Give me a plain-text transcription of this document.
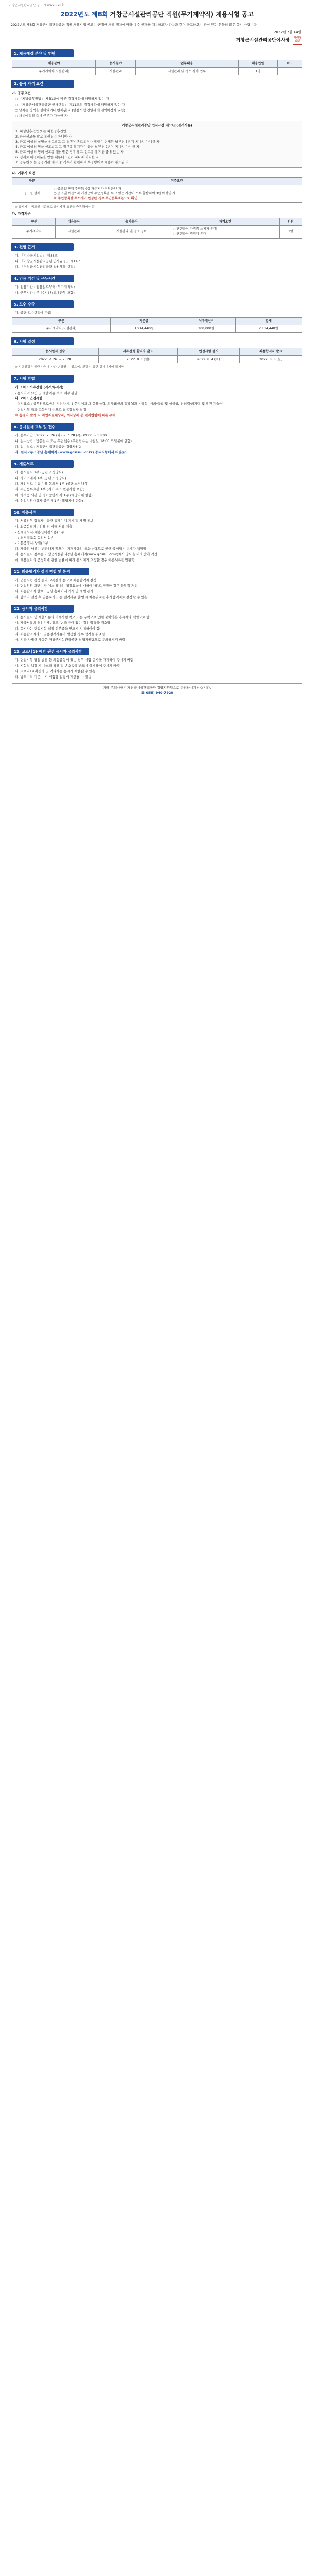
거창군시설관리공단 공고 제2022 - 28호
2022년도 제8회 거창군시설관리공단 직원(무기계약직) 채용시험 공고
2022년도 제8회 거창군시설관리공단 직원 채용시험 공고는 공정한 채용 절차에 따라 우수 인재를 채용하고자 다음과 같이 공고하오니 관심 있는 분들의 많은 응시 바랍니다.
2022년 7월 14일
거창군시설관리공단이사장 이사장의인
1. 채용예정 분야 및 인원
채용분야	응시분야	업무내용	채용인원	비고
무기계약직(시설관리)	시설관리	시설관리 및 청소·경비 업무	1명	
2. 응시 자격 요건
가. 공통요건
○ 「지방공무원법」 제31조에 따른 결격사유에 해당하지 않는 자
○ 「거창군시설관리공단 인사규정」 제11조의 결격사유에 해당하지 않는 자
○ 남자는 병역을 필하였거나 면제된 자 (면접시험 전일까지 전역예정자 포함)
○ 채용예정일 즉시 근무가 가능한 자
거창군시설관리공단 인사규정 제11조(결격사유)
1. 피성년후견인 또는 피한정후견인
2. 파산선고를 받고 복권되지 아니한 자
3. 금고 이상의 실형을 선고받고 그 집행이 종료되거나 집행이 면제된 날부터 5년이 지나지 아니한 자
4. 금고 이상의 형을 선고받고 그 집행유예 기간이 끝난 날부터 2년이 지나지 아니한 자
5. 금고 이상의 형의 선고유예를 받은 경우에 그 선고유예 기간 중에 있는 자
6. 징계로 해임처분을 받은 때부터 3년이 지나지 아니한 자
7. 공무원 또는 공공기관 재직 중 직무와 관련하여 부정행위로 채용이 취소된 자
나. 거주지 요건
구분	거주요건
공고일 현재	○ 공고일 현재 주민등록상 거주지가 거창군인 자
○ 공고일 이전까지 거창군에 주민등록을 두고 있는 기간이 모두 합산하여 3년 이상인 자
※ 주민등록상 주소지가 변경된 경우 주민등록초본으로 확인
※ 응시자는 공고일 기준으로 응시자격 요건을 충족하여야 함
다. 자격기준
구분	채용분야	응시분야	자격요건	인원
무기계약직	시설관리	시설관리 및 청소·경비	○ 관련분야 자격증 소지자 우대
○ 관련분야 경력자 우대	1명
3. 전형 근거
가. 「지방공기업법」 제58조
나. 「거창군시설관리공단 인사규정」 제14조
다. 「거창군시설관리공단 직원채용 규정」
4. 임용 기간 및 근무시간
가. 임용기간 : 임용일로부터 (무기계약직)
나. 근무시간 : 주 40시간 (교대근무 포함)
5. 보수 수준
가. 공단 보수규정에 따름
구분	기본급	처우개선비	합계
무기계약직(시설관리)	1,914,440원	200,000원	2,114,440원
6. 시험 일정
응시원서 접수	서류전형 합격자 발표	면접시험 실시	최종합격자 발표
2022. 7. 26. ~ 7. 28.	2022. 8. 1.(월)	2022. 8. 4.(목)	2022. 8. 8.(월)
※ 시험일정은 공단 사정에 따라 변경될 수 있으며, 변경 시 공단 홈페이지에 공지함
7. 시험 방법
가. 1차 : 서류전형 (적격/부적격)
- 응시자격 요건 및 제출서류 적격 여부 판단
나. 2차 : 면접시험
- 평정요소 : 공무원으로서의 정신자세, 전문지식과 그 응용능력, 의사표현의 정확성과 논리성, 예의·품행 및 성실성, 창의력·의지력 및 발전 가능성
- 면접시험 결과 고득점자 순으로 최종합격자 결정
※ 동점자 발생 시 취업지원대상자, 의사상자 등 관계법령에 따른 우대
8. 응시원서 교부 및 접수
가. 접수기간 : 2022. 7. 26.(화) ~ 7. 28.(목) 09:00 ~ 18:00
나. 접수방법 : 방문접수 또는 우편접수 (우편접수는 마감일 18:00 도착분에 한함)
다. 접수장소 : 거창군시설관리공단 경영지원팀
라. 원서교부 : 공단 홈페이지 (www.gcsisul.or.kr) 공지사항에서 다운로드
9. 제출서류
가. 응시원서 1부 (공단 소정양식)
나. 자기소개서 1부 (공단 소정양식)
다. 개인정보 수집·이용 동의서 1부 (공단 소정양식)
라. 주민등록초본 1부 (과거 주소 변동사항 포함)
마. 자격증 사본 및 경력증명서 각 1부 (해당자에 한함)
바. 취업지원대상자 증명서 1부 (해당자에 한함)
10. 제출서류
가. 서류전형 합격자 : 공단 홈페이지 게시 및 개별 통보
나. 최종합격자 : 임용 전 아래 서류 제출
- 신체검사서(채용신체검사용) 1부
- 범죄경력조회 동의서 1부
- 기본증명서(상세) 1부
다. 제출된 서류는 반환하지 않으며, 기재사항의 착오·누락으로 인한 불이익은 응시자 책임임
라. 응시원서 접수는 거창군시설관리공단 홈페이지(www.gcsisul.or.kr)에서 양식을 내려 받아 작성
마. 채용절차의 공정화에 관한 법률에 따라 응시자가 요청할 경우 채용서류를 반환함
11. 최종합격자 결정 방법 및 통지
가. 면접시험 평정 결과 고득점자 순으로 최종합격자 결정
나. 면접위원 과반수가 어느 하나의 평정요소에 대하여 '하'로 평정한 경우 불합격 처리
다. 최종합격자 발표 : 공단 홈페이지 게시 및 개별 통지
라. 합격자 결정 후 임용포기 또는 결격사유 발생 시 차순위자를 추가합격자로 결정할 수 있음
12. 응시자 유의사항
가. 응시원서 및 제출서류의 기재사항 착오 또는 누락으로 인한 불이익은 응시자의 책임으로 함
나. 제출서류의 허위기재, 위조, 변조 등이 있는 경우 합격을 취소함
다. 응시자는 면접시험 당일 신분증을 반드시 지참하여야 함
라. 최종합격자라도 임용결격사유가 발생한 경우 합격을 취소함
마. 기타 자세한 사항은 거창군시설관리공단 경영지원팀으로 문의하시기 바람
13. 코로나19 예방 관련 응시자 유의사항
가. 면접시험 당일 발열 등 의심증상이 있는 경우 시험 응시를 자제하여 주시기 바람
나. 시험장 입장 시 마스크 착용 및 손소독을 반드시 실시하여 주시기 바람
다. 코로나19 확진자 및 격리자는 응시가 제한될 수 있음
라. 방역수칙 미준수 시 시험장 입장이 제한될 수 있음
기타 문의사항은 거창군시설관리공단 경영지원팀으로 문의하시기 바랍니다.
☎ 055) 940-7920
